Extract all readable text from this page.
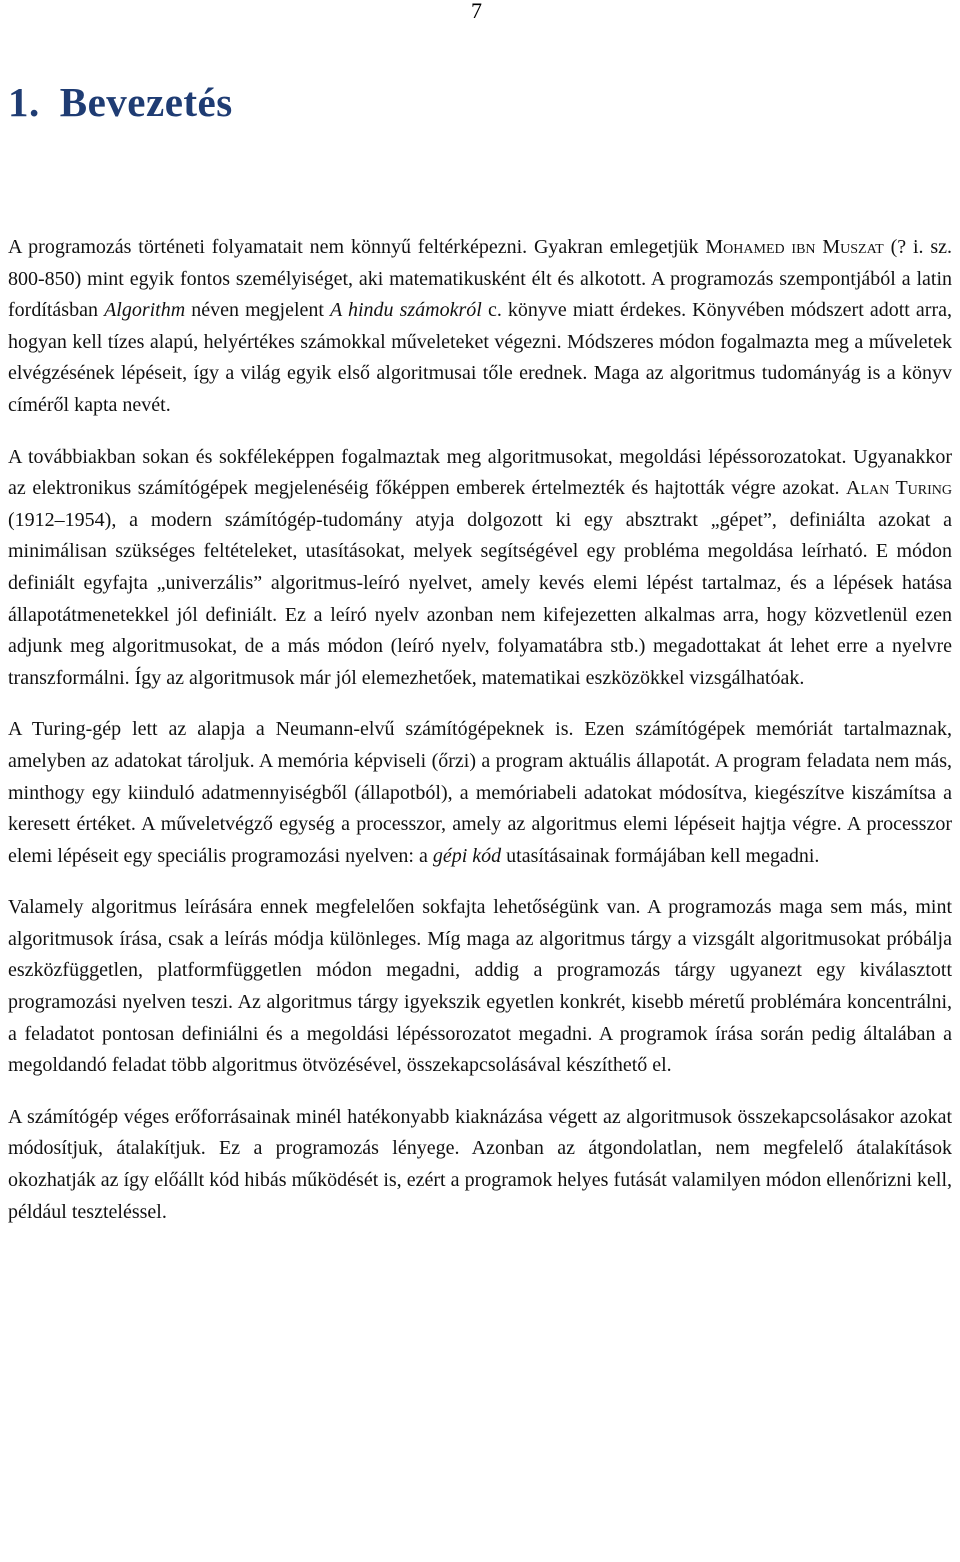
7
1. Bevezetés

A programozás történeti folyamatait nem könnyű feltérképezni. Gyakran emlegetjük Mohamed ibn Muszat (? i. sz. 800-850) mint egyik fontos személyiséget, aki matematikusként élt és alkotott. A programozás szempontjából a latin fordításban Algorithm néven megjelent A hindu számokról c. könyve miatt érdekes. Könyvében módszert adott arra, hogyan kell tízes alapú, helyértékes számokkal műveleteket végezni. Módszeres módon fogalmazta meg a műveletek elvégzésének lépéseit, így a világ egyik első algoritmusai tőle erednek. Maga az algoritmus tudományág is a könyv címéről kapta nevét.

A továbbiakban sokan és sokféleképpen fogalmaztak meg algoritmusokat, megoldási lépéssorozatokat. Ugyanakkor az elektronikus számítógépek megjelenéséig főképpen emberek értelmezték és hajtották végre azokat. Alan Turing (1912–1954), a modern számítógép-tudomány atyja dolgozott ki egy absztrakt „gépet”, definiálta azokat a minimálisan szükséges feltételeket, utasításokat, melyek segítségével egy probléma megoldása leírható. E módon definiált egyfajta „univerzális” algoritmus-leíró nyelvet, amely kevés elemi lépést tartalmaz, és a lépések hatása állapotátmenetekkel jól definiált. Ez a leíró nyelv azonban nem kifejezetten alkalmas arra, hogy közvetlenül ezen adjunk meg algoritmusokat, de a más módon (leíró nyelv, folyamatábra stb.) megadottakat át lehet erre a nyelvre transzformálni. Így az algoritmusok már jól elemezhetőek, matematikai eszközökkel vizsgálhatóak.

A Turing-gép lett az alapja a Neumann-elvű számítógépeknek is. Ezen számítógépek memóriát tartalmaznak, amelyben az adatokat tároljuk. A memória képviseli (őrzi) a program aktuális állapotát. A program feladata nem más, minthogy egy kiinduló adatmennyiségből (állapotból), a memóriabeli adatokat módosítva, kiegészítve kiszámítsa a keresett értéket. A műveletvégző egység a processzor, amely az algoritmus elemi lépéseit hajtja végre. A processzor elemi lépéseit egy speciális programozási nyelven: a gépi kód utasításainak formájában kell megadni.

Valamely algoritmus leírására ennek megfelelően sokfajta lehetőségünk van. A programozás maga sem más, mint algoritmusok írása, csak a leírás módja különleges. Míg maga az algoritmus tárgy a vizsgált algoritmusokat próbálja eszközfüggetlen, platformfüggetlen módon megadni, addig a programozás tárgy ugyanezt egy kiválasztott programozási nyelven teszi. Az algoritmus tárgy igyekszik egyetlen konkrét, kisebb méretű problémára koncentrálni, a feladatot pontosan definiálni és a megoldási lépéssorozatot megadni. A programok írása során pedig általában a megoldandó feladat több algoritmus ötvözésével, összekapcsolásával készíthető el.

A számítógép véges erőforrásainak minél hatékonyabb kiaknázása végett az algoritmusok összekapcsolásakor azokat módosítjuk, átalakítjuk. Ez a programozás lényege. Azonban az átgondolatlan, nem megfelelő átalakítások okozhatják az így előállt kód hibás működését is, ezért a programok helyes futását valamilyen módon ellenőrizni kell, például teszteléssel.
